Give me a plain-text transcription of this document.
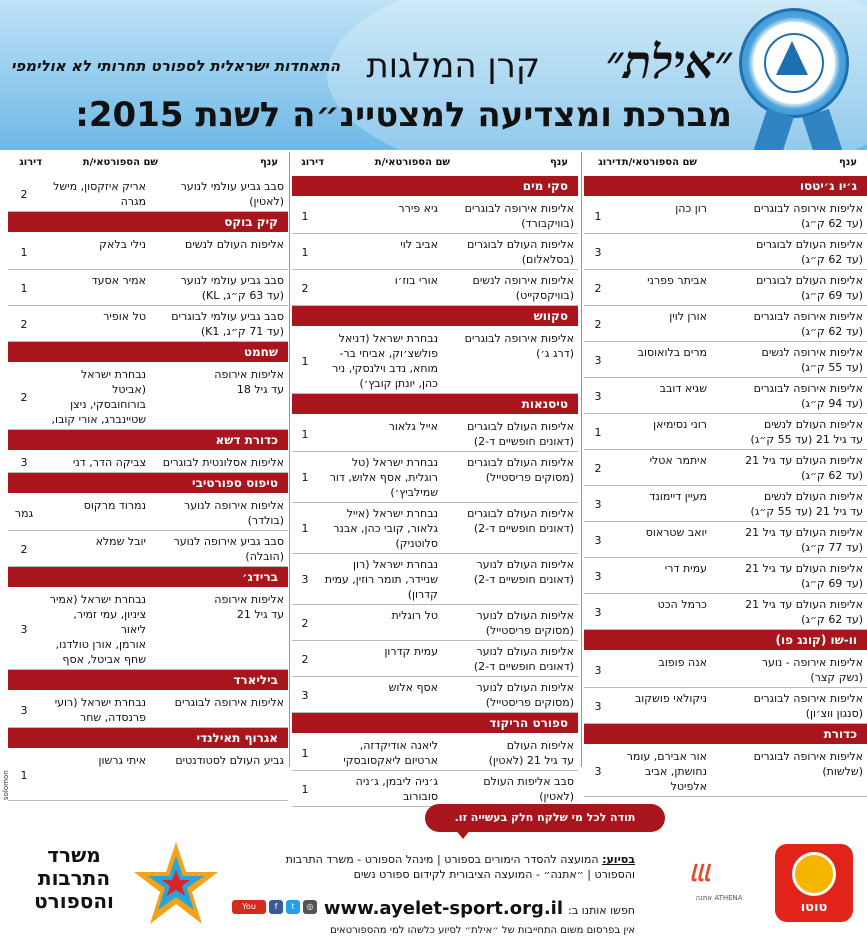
״אילת״
קרן המלגות
התאחדות ישראלית לספורט תחרותי לא אולימפי
מברכת ומצדיעה למצטיינ״ה לשנת 2015:
ענף
שם הספורטאי/ת
דירוג
ענף
שם הספורטאי/ת
דירוג
ענף
שם הספורטאי/ת
דירוג
ג׳יו ג׳יטסו
אליפות אירופה לבוגרים
(עד 62 ק״ג)
רון כהן
1
אליפות העולם לבוגרים
(עד 62 ק״ג)
3
אליפות העולם לבוגרים
(עד 69 ק״ג)
אביתר פפרני
2
אליפות אירופה לבוגרים
(עד 62 ק״ג)
אורן לוין
2
אליפות אירופה לנשים
(עד 55 ק״ג)
מרים בלואוסוב
3
אליפות אירופה לבוגרים
(עד 94 ק״ג)
שגיא דובב
3
אליפות העולם לנשים
עד גיל 21 (עד 55 ק״ג)
רוני נסימיאן
1
אליפות העולם עד גיל 21
(עד 62 ק״ג)
איתמר אטלי
2
אליפות העולם לנשים
עד גיל 21 (עד 55 ק״ג)
מעיין דיימונד
3
אליפות העולם עד גיל 21
(עד 77 ק״ג)
יואב שטראוס
3
אליפות העולם עד גיל 21
(עד 69 ק״ג)
עמית דרי
3
אליפות העולם עד גיל 21
(עד 62 ק״ג)
כרמל הכט
3
וו-שו (קונג פו)
אליפות אירופה - נוער
(נשק קצר)
אנה פופוב
3
אליפות אירופה לבוגרים
(סנגון ווצ׳ון)
ניקולאי פושקוב
3
כדורת
אליפות אירופה לבוגרים
(שלשות)
אור אבירם, עומר
נחושתן, אביב
אלפיטל
3
סקי מים
אליפות אירופה לבוגרים
(בוויקבורד)
גיא פירר
1
אליפות העולם לבוגרים
(בסלאלום)
אביב לוי
1
אליפות אירופה לנשים
(בוויקסקייט)
אורי בוז׳ו
2
סקווש
אליפות אירופה לבוגרים
(דרג ג׳)
נבחרת ישראל (דניאל
פולשצ׳וק, אביחי בר-
מוחא, נדב וילנסקי, ניר
כהן, יונתן קובץ׳)
1
טיסנאות
אליפות העולם לבוגרים
(דאונים חופשיים ד-2)
אייל גלאור
1
אליפות העולם לבוגרים
(מסוקים פריסטייל)
נבחרת ישראל (טל
רוגלית, אסף אלוש, דור
שמילביץ׳)
1
אליפות העולם לבוגרים
(דאונים חופשיים ד-2)
נבחרת ישראל (אייל
גלאור, קובי כהן, אבנר
סלוטניק)
1
אליפות העולם לנוער
(דאונים חופשיים ד-2)
נבחרת ישראל (רון
שניידר, תומר רוזין, עמית
קדרון)
3
אליפות העולם לנוער
(מסוקים פריסטייל)
טל רוגלית
2
אליפות העולם לנוער
(דאונים חופשיים ד-2)
עמית קדרון
2
אליפות העולם לנוער
(מסוקים פריסטייל)
אסף אלוש
3
ספורט הריקוד
אליפות העולם
עד גיל 21 (לאטין)
ליאנה אודיקדזה,
ארטיום ליאקסובסקי
1
סבב אליפות העולם
(לאטין)
ג׳ניה ליבמן, ג׳ניה
סובורוב
1
סבב גביע עולמי לנוער
(לאטין)
אריק איזקסון, מישל
מגרה
2
קיק בוקס
אליפות העולם לנשים
נילי בלאק
1
סבב גביע עולמי לנוער
(עד 63 ק״ג, KL)
אמיר אסעד
1
סבב גביע עולמי לבוגרים
(עד 71 ק״ג, K1)
טל אופיר
2
שחמט
אליפות אירופה
עד גיל 18
נבחרת ישראל (אביטל
בורוחובסקי, ניצן
שטיינברג, אורי קובו,

2
כדורת דשא
אליפות אסלונטית לבוגרים
צביקה הדר, דני
3
טיפוס ספורטיבי
אליפות אירופה לנוער
(בולדר)
נמרוד מרקוס
גמר
סבב גביע אירופה לנוער
(הובלה)
יובל שמלא
2
ברידג׳
אליפות אירופה
עד גיל 21
נבחרת ישראל (אמיר
ציניון, עמי זמיר, ליאור
אורמן, אורן טולדנו,
שחף אביטל, אסף

3
ביליארד
אליפות אירופה לבוגרים
נבחרת ישראל (רועי
פרנסדה, שחר
3
אגרוף תאילנדי
גביע העולם לסטודנטים
איתי גרשון
1
תודה לכל מי שלקח חלק בעשייה זו.
בסיוע: המועצה להסדר הימורים בספורט | מינהל הספורט - משרד התרבות והספורט | ״אתנה״ - המועצה הציבורית לקידום ספורט נשים
חפשו אותנו ב: www.ayelet-sport.org.il
אין בפרסום משום התחייבות של ״אילת״ לסיוע כלשהו למי מהספורטאים
You Tubef t ◎	טוטו
ﺎﺎﺎ
ATHENA אתנה
משרד
התרבות
והספורט
solomon
